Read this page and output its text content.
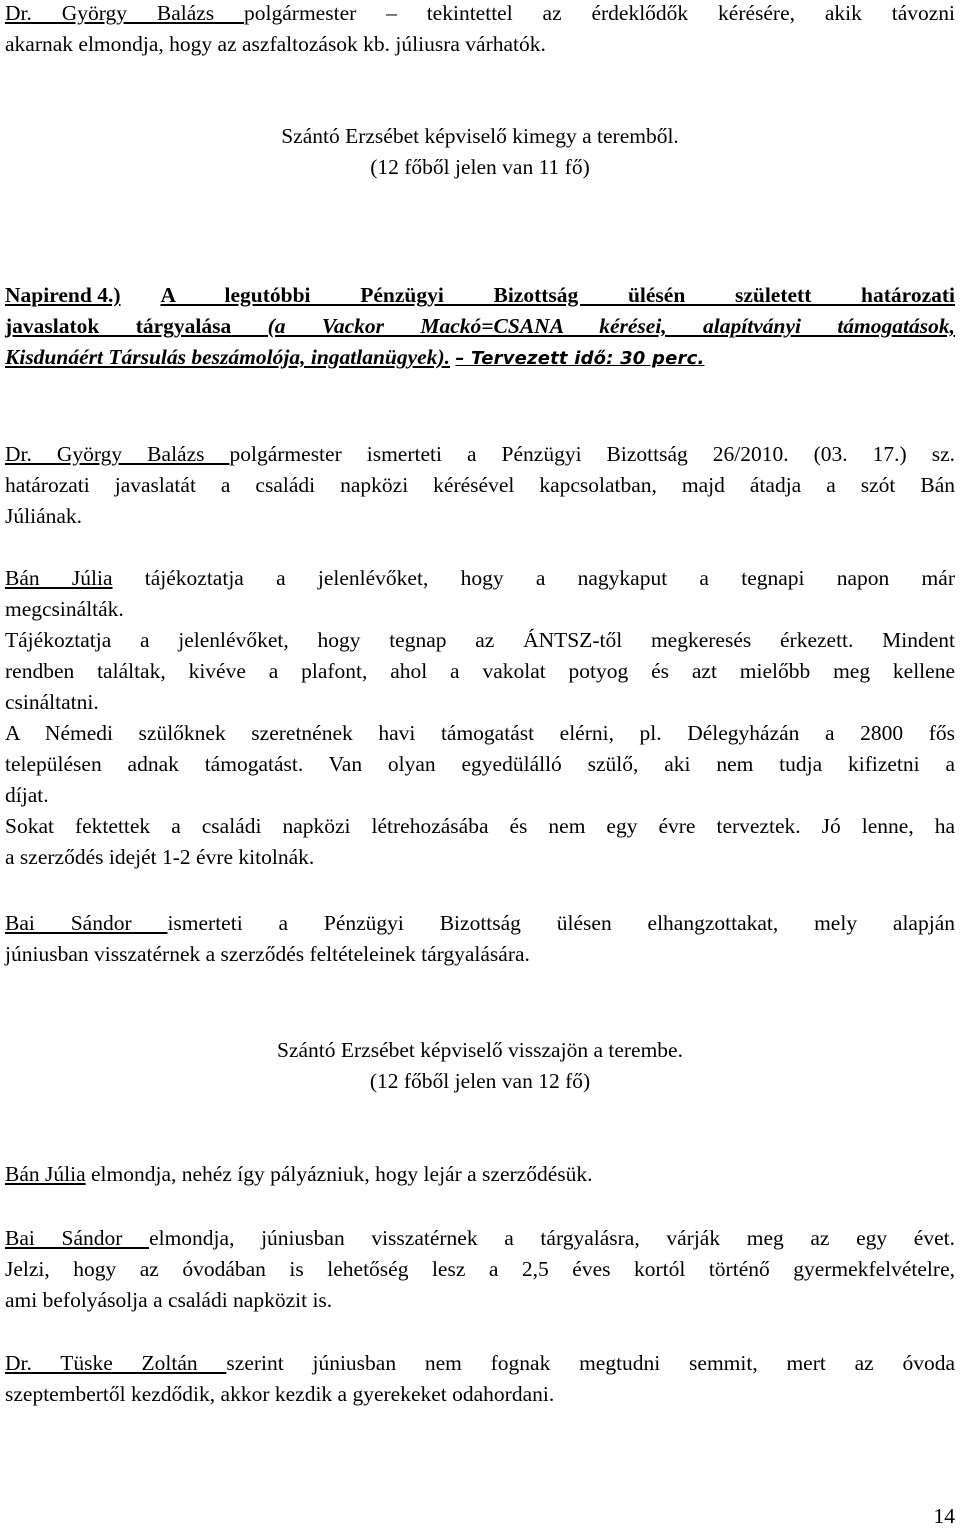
Dr. György Balázs polgármester – tekintettel az érdeklődők kérésére, akik távozni

akarnak elmondja, hogy az aszfaltozások kb. júliusra várhatók.

Szántó Erzsébet képviselő kimegy a teremből.

(12 főből jelen van 11 fő)

Napirend 4.) A legutóbbi Pénzügyi Bizottság ülésén született határozati

javaslatok tárgyalása (a Vackor Mackó=CSANA kérései, alapítványi támogatások,

Kisdunáért Társulás beszámolója, ingatlanügyek). – Tervezett idő: 30 perc.

Dr. György Balázs polgármester ismerteti a Pénzügyi Bizottság 26/2010. (03. 17.) sz.

határozati javaslatát a családi napközi kérésével kapcsolatban, majd átadja a szót Bán

Júliának.

Bán Júlia tájékoztatja a jelenlévőket, hogy a nagykaput a tegnapi napon már

megcsinálták.

Tájékoztatja a jelenlévőket, hogy tegnap az ÁNTSZ-től megkeresés érkezett. Mindent

rendben találtak, kivéve a plafont, ahol a vakolat potyog és azt mielőbb meg kellene

csináltatni.

A Némedi szülőknek szeretnének havi támogatást elérni, pl. Délegyházán a 2800 fős

településen adnak támogatást. Van olyan egyedülálló szülő, aki nem tudja kifizetni a

díjat.

Sokat fektettek a családi napközi létrehozásába és nem egy évre terveztek. Jó lenne, ha

a szerződés idejét 1-2 évre kitolnák.

Bai Sándor ismerteti a Pénzügyi Bizottság ülésen elhangzottakat, mely alapján

júniusban visszatérnek a szerződés feltételeinek tárgyalására.

Szántó Erzsébet képviselő visszajön a terembe.

(12 főből jelen van 12 fő)

Bán Júlia elmondja, nehéz így pályázniuk, hogy lejár a szerződésük.

Bai Sándor elmondja, júniusban visszatérnek a tárgyalásra, várják meg az egy évet.

Jelzi, hogy az óvodában is lehetőség lesz a 2,5 éves kortól történő gyermekfelvételre,

ami befolyásolja a családi napközit is.

Dr. Tüske Zoltán szerint júniusban nem fognak megtudni semmit, mert az óvoda

szeptembertől kezdődik, akkor kezdik a gyerekeket odahordani.

14
